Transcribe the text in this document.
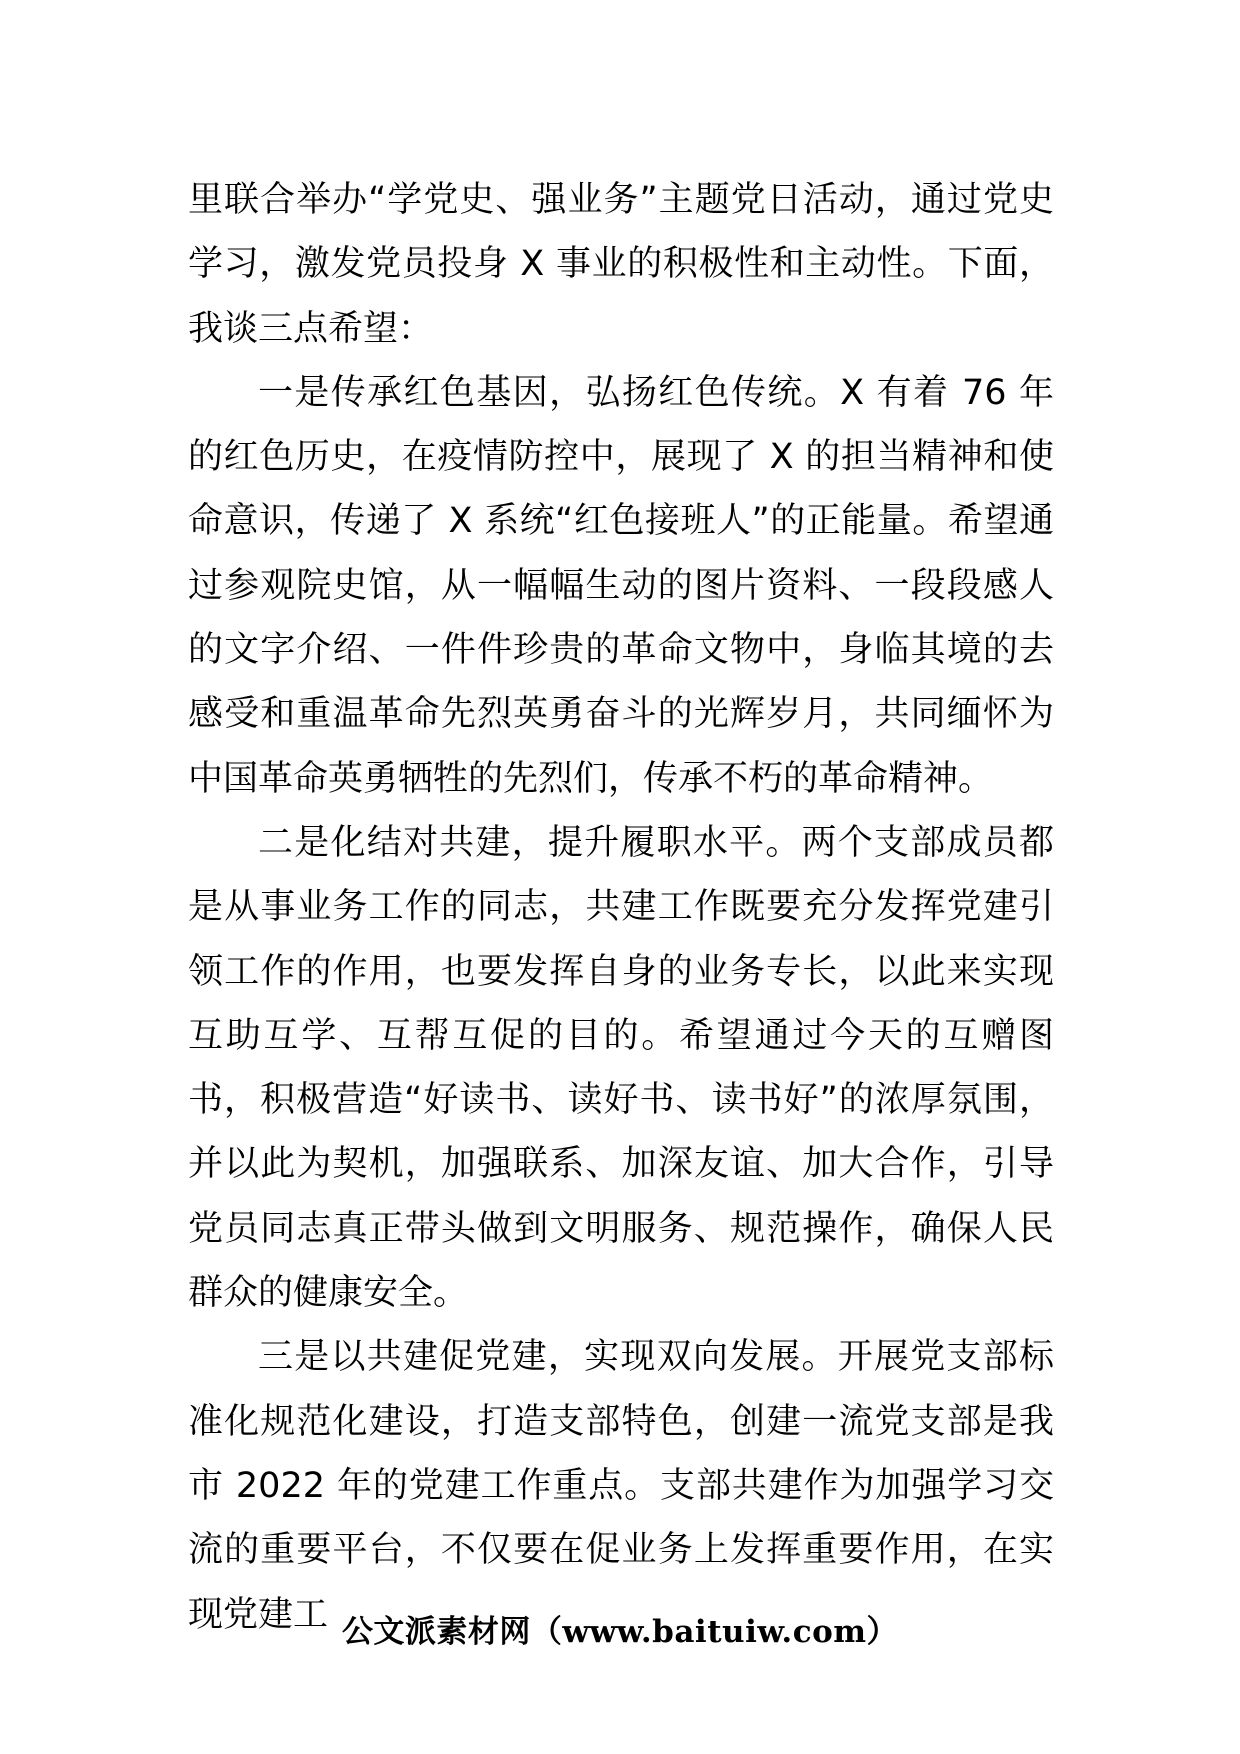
里联合举办“学党史、强业务”主题党日活动，通过党史学习，激发党员投身 X 事业的积极性和主动性。下面，我谈三点希望：

一是传承红色基因，弘扬红色传统。X 有着 76 年的红色历史，在疫情防控中，展现了 X 的担当精神和使命意识，传递了 X 系统“红色接班人”的正能量。希望通过参观院史馆，从一幅幅生动的图片资料、一段段感人的文字介绍、一件件珍贵的革命文物中，身临其境的去感受和重温革命先烈英勇奋斗的光辉岁月，共同缅怀为中国革命英勇牺牲的先烈们，传承不朽的革命精神。

二是化结对共建，提升履职水平。两个支部成员都是从事业务工作的同志，共建工作既要充分发挥党建引领工作的作用，也要发挥自身的业务专长，以此来实现互助互学、互帮互促的目的。希望通过今天的互赠图书，积极营造“好读书、读好书、读书好”的浓厚氛围，并以此为契机，加强联系、加深友谊、加大合作，引导党员同志真正带头做到文明服务、规范操作，确保人民群众的健康安全。

三是以共建促党建，实现双向发展。开展党支部标准化规范化建设，打造支部特色，创建一流党支部是我市 2022 年的党建工作重点。支部共建作为加强学习交流的重要平台，不仅要在促业务上发挥重要作用，在实现党建工 公文派素材网（www.baituiw.com）
